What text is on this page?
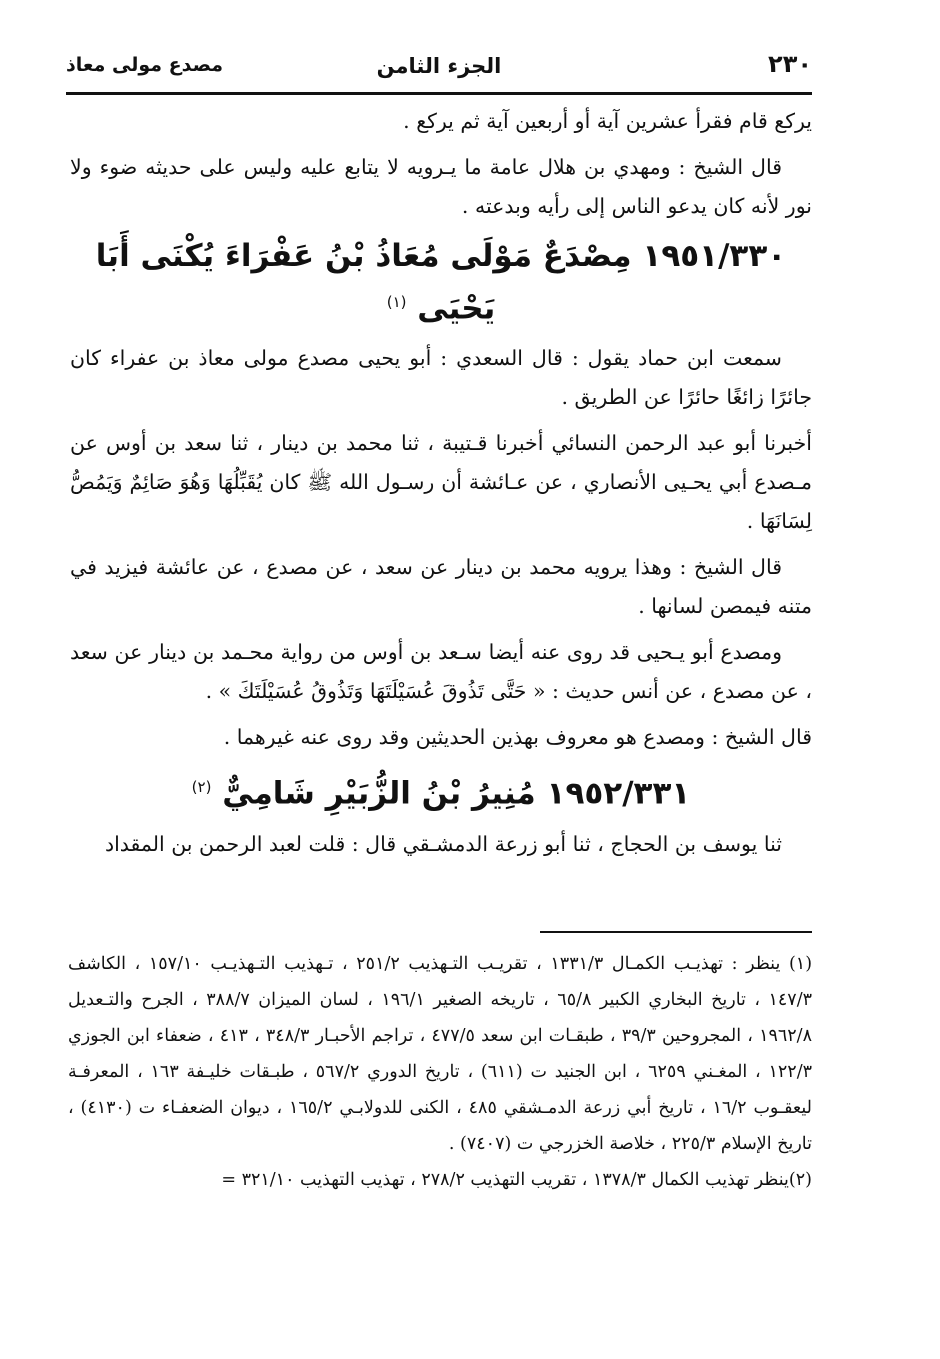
٢٣٠
الجزء الثامن
مصدع مولى معاذ

يركع قام فقرأ عشرين آية أو أربعين آية ثم يركع .

قال الشيخ : ومهدي بن هلال عامة ما يـرويه لا يتابع عليه وليس على حديثه ضوء ولا نور لأنه كان يدعو الناس إلى رأيه وبدعته .

١٩٥١/٣٣٠ مِصْدَعٌ مَوْلَى مُعَاذُ بْنُ عَفْرَاءَ يُكْنَى أَبَا يَحْيَى $^{(١)}$

سمعت ابن حماد يقول : قال السعدي : أبو يحيى مصدع مولى معاذ بن عفراء كان جائرًا زائغًا حائرًا عن الطريق .

أخبرنا أبو عبد الرحمن النسائي أخبرنا قـتيبة ، ثنا محمد بن دينار ، ثنا سعد بن أوس عن مـصدع أبي يحـيى الأنصاري ، عن عـائشة أن رسـول الله ﷺ كان يُقَبِّلُهَا وَهُوَ صَائِمٌ وَيَمُصُّ لِسَانَهَا .

قال الشيخ : وهذا يرويه محمد بن دينار عن سعد ، عن مصدع ، عن عائشة فيزيد في متنه فيمصن لسانها .

ومصدع أبو يـحيى قد روى عنه أيضا سـعد بن أوس من رواية محـمد بن دينار عن سعد ، عن مصدع ، عن أنس حديث : « حَتَّى تَذُوقَ عُسَيْلَتَهَا وَتَذُوقُ عُسَيْلَتَكَ » .

قال الشيخ : ومصدع هو معروف بهذين الحديثين وقد روى عنه غيرهما .

١٩٥٢/٣٣١ مُنِيرُ بْنُ الزُّبَيْرِ شَامِيٌّ $^{(٢)}$

ثنا يوسف بن الحجاج ، ثنا أبو زرعة الدمشـقي قال : قلت لعبد الرحمن بن المقداد

(١) ينظر : تهذيـب الكمـال ١٣٣١/٣ ، تقريـب التـهذيب ٢٥١/٢ ، تـهذيب التـهذيـب ١٥٧/١٠ ، الكاشف ١٤٧/٣ ، تاريخ البخاري الكبير ٦٥/٨ ، تاريخه الصغير ١٩٦/١ ، لسان الميزان ٣٨٨/٧ ، الجرح والتـعديل ١٩٦٢/٨ ، المجروحين ٣٩/٣ ، طبقـات ابن سعد ٤٧٧/٥ ، تراجم الأحبـار ٣٤٨/٣ ، ٤١٣ ، ضعفاء ابن الجوزي ١٢٢/٣ ، المغـني ٦٢٥٩ ، ابن الجنيد ت (٦١١) ، تاريخ الدوري ٥٦٧/٢ ، طبـقات خليـفة ١٦٣ ، المعرفـة ليعقـوب ١٦/٢ ، تاريخ أبي زرعة الدمـشقي ٤٨٥ ، الكنى للدولابـي ١٦٥/٢ ، ديوان الضعفـاء ت (٤١٣٠) ، تاريخ الإسلام ٢٢٥/٣ ، خلاصة الخزرجي ت (٧٤٠٧) .

(٢)ينظر تهذيب الكمال ١٣٧٨/٣ ، تقريب التهذيب ٢٧٨/٢ ، تهذيب التهذيب ٣٢١/١٠ =
